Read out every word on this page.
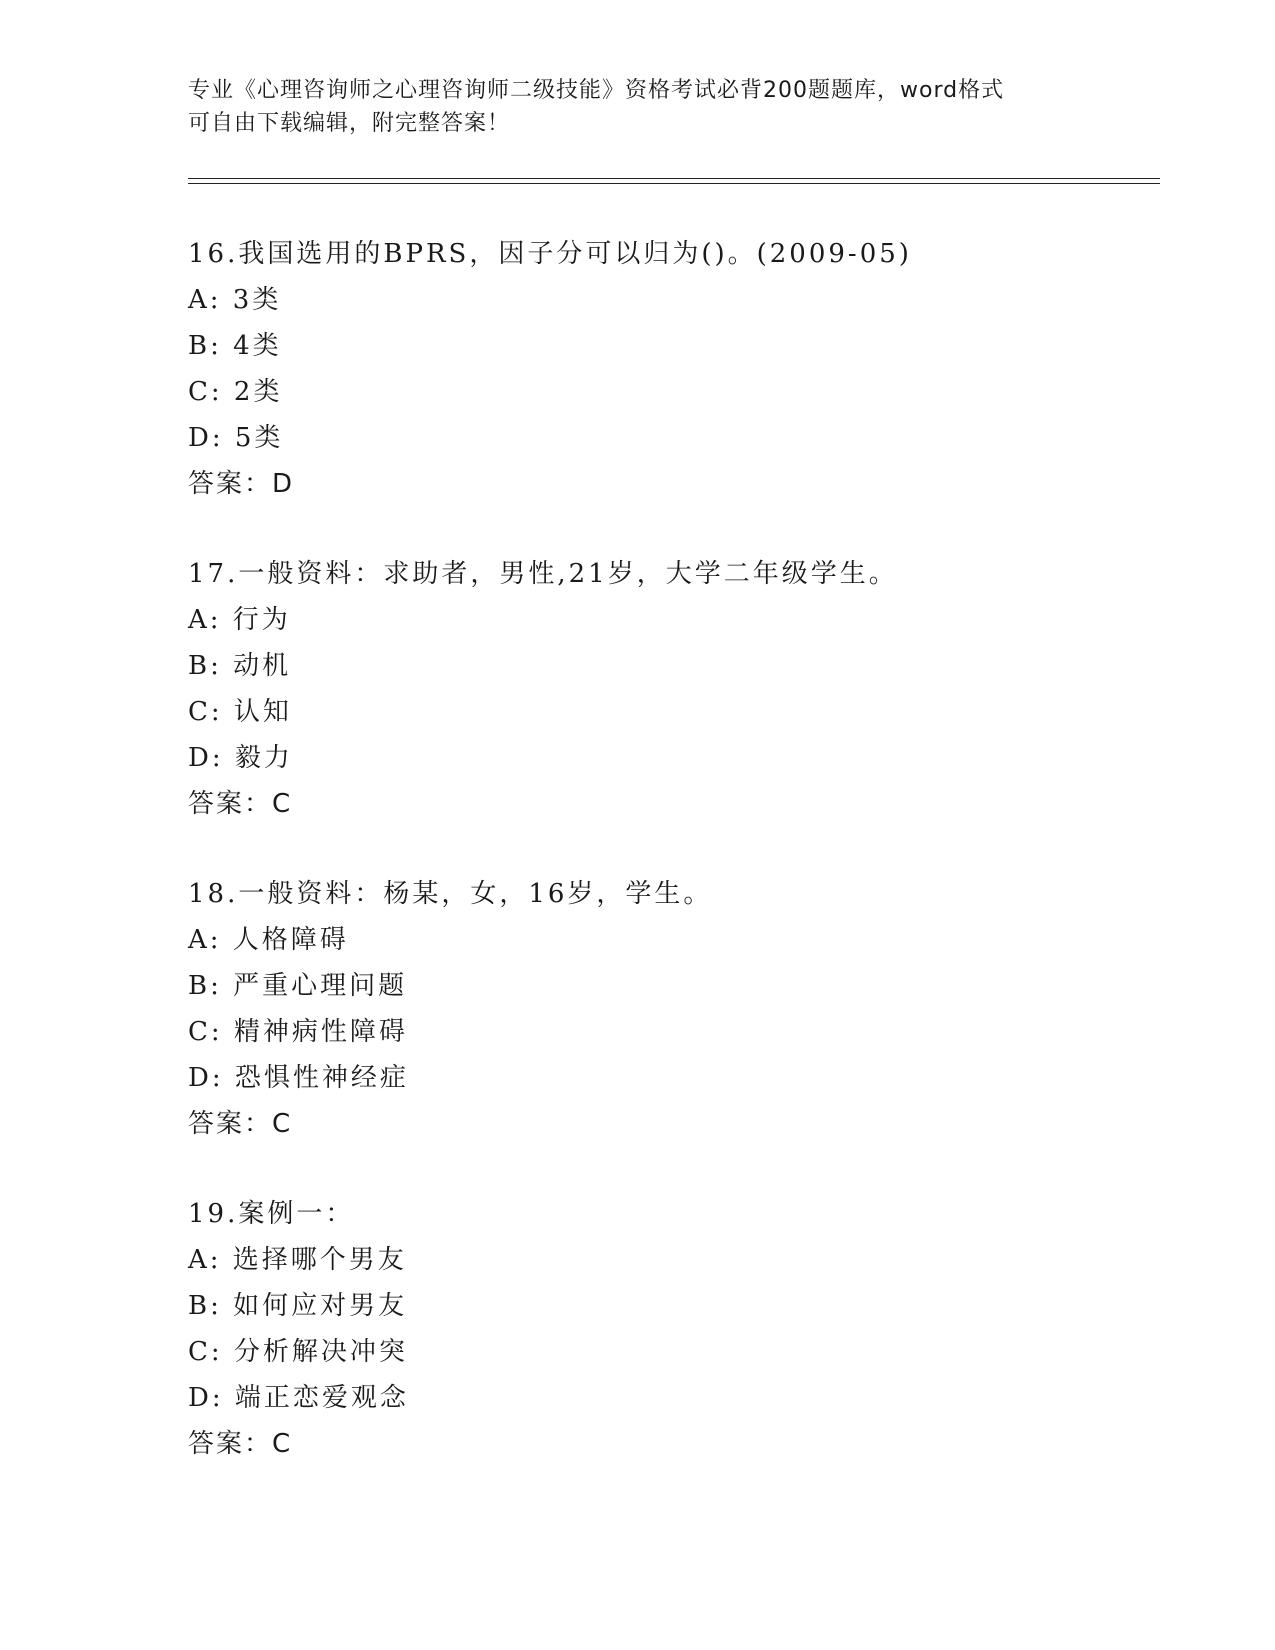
专业《心理咨询师之心理咨询师二级技能》资格考试必背200题题库，word格式
可自由下载编辑，附完整答案！
16.我国选用的BPRS，因子分可以归为()。(2009-05)
A: 3类
B: 4类
C: 2类
D: 5类
答案：D
17.一般资料：求助者，男性,21岁，大学二年级学生。
A: 行为
B: 动机
C: 认知
D: 毅力
答案：C
18.一般资料：杨某，女，16岁，学生。
A: 人格障碍
B: 严重心理问题
C: 精神病性障碍
D: 恐惧性神经症
答案：C
19.案例一：
A: 选择哪个男友
B: 如何应对男友
C: 分析解决冲突
D: 端正恋爱观念
答案：C
